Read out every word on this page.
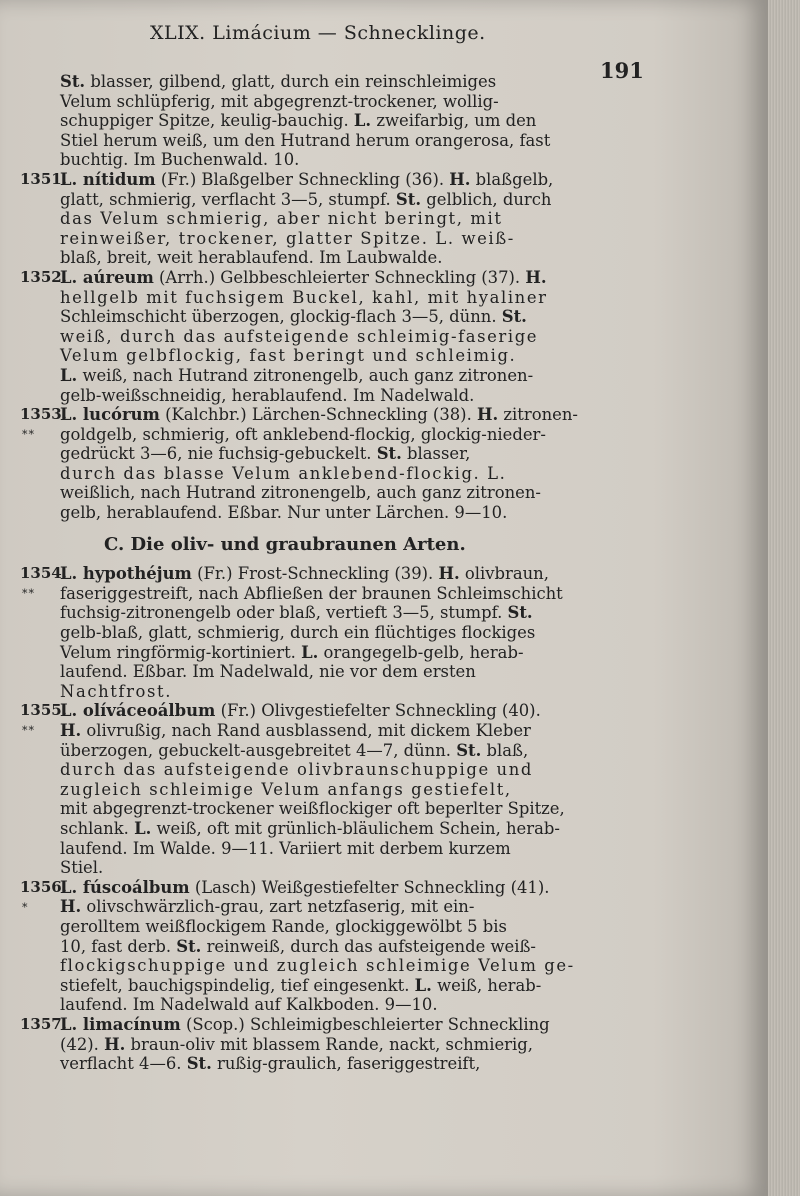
XLIX. Limácium — Schnecklinge.
191
St. blasser, gilbend, glatt, durch ein reinschleimiges
Velum schlüpferig, mit abgegrenzt-trockener, wollig-
schuppiger Spitze, keulig-bauchig. L. zweifarbig, um den
Stiel herum weiß, um den Hutrand herum orangerosa, fast
buchtig. Im Buchenwald. 10.
1351.
L. nítidum (Fr.) Blaßgelber Schneckling (36). H. blaßgelb,
glatt, schmierig, verflacht 3—5, stumpf. St. gelblich, durch
das Velum schmierig, aber nicht beringt, mit
reinweißer, trockener, glatter Spitze. L. weiß-
blaß, breit, weit herablaufend. Im Laubwalde.
1352.
L. aúreum (Arrh.) Gelbbeschleierter Schneckling (37). H.
hellgelb mit fuchsigem Buckel, kahl, mit hyaliner
Schleimschicht überzogen, glockig-flach 3—5, dünn. St.
weiß, durch das aufsteigende schleimig-faserige
Velum gelbflockig, fast beringt und schleimig.
L. weiß, nach Hutrand zitronengelb, auch ganz zitronen-
gelb-weißschneidig, herablaufend. Im Nadelwald.
1353.
**
L. lucórum (Kalchbr.) Lärchen-Schneckling (38). H. zitronen-
goldgelb, schmierig, oft anklebend-flockig, glockig-nieder-
gedrückt 3—6, nie fuchsig-gebuckelt. St. blasser,
durch das blasse Velum anklebend-flockig. L.
weißlich, nach Hutrand zitronengelb, auch ganz zitronen-
gelb, herablaufend. Eßbar. Nur unter Lärchen. 9—10.
C. Die oliv- und graubraunen Arten.
1354.
**
L. hypothéjum (Fr.) Frost-Schneckling (39). H. olivbraun,
faseriggestreift, nach Abfließen der braunen Schleimschicht
fuchsig-zitronengelb oder blaß, vertieft 3—5, stumpf. St.
gelb-blaß, glatt, schmierig, durch ein flüchtiges flockiges
Velum ringförmig-kortiniert. L. orangegelb-gelb, herab-
laufend. Eßbar. Im Nadelwald, nie vor dem ersten
Nachtfrost.
1355.
**
L. olíváceoálbum (Fr.) Olivgestiefelter Schneckling (40).
H. olivrußig, nach Rand ausblassend, mit dickem Kleber
überzogen, gebuckelt-ausgebreitet 4—7, dünn. St. blaß,
durch das aufsteigende olivbraunschuppige und
zugleich schleimige Velum anfangs gestiefelt,
mit abgegrenzt-trockener weißflockiger oft beperlter Spitze,
schlank. L. weiß, oft mit grünlich-bläulichem Schein, herab-
laufend. Im Walde. 9—11. Variiert mit derbem kurzem
Stiel.
1356.
*
L. fúscoálbum (Lasch) Weißgestiefelter Schneckling (41).
H. olivschwärzlich-grau, zart netzfaserig, mit ein-
gerolltem weißflockigem Rande, glockiggewölbt 5 bis
10, fast derb. St. reinweiß, durch das aufsteigende weiß-
flockigschuppige und zugleich schleimige Velum ge-
stiefelt, bauchigspindelig, tief eingesenkt. L. weiß, herab-
laufend. Im Nadelwald auf Kalkboden. 9—10.
1357.
L. limacínum (Scop.) Schleimigbeschleierter Schneckling
(42). H. braun-oliv mit blassem Rande, nackt, schmierig,
verflacht 4—6. St. rußig-graulich, faseriggestreift,
